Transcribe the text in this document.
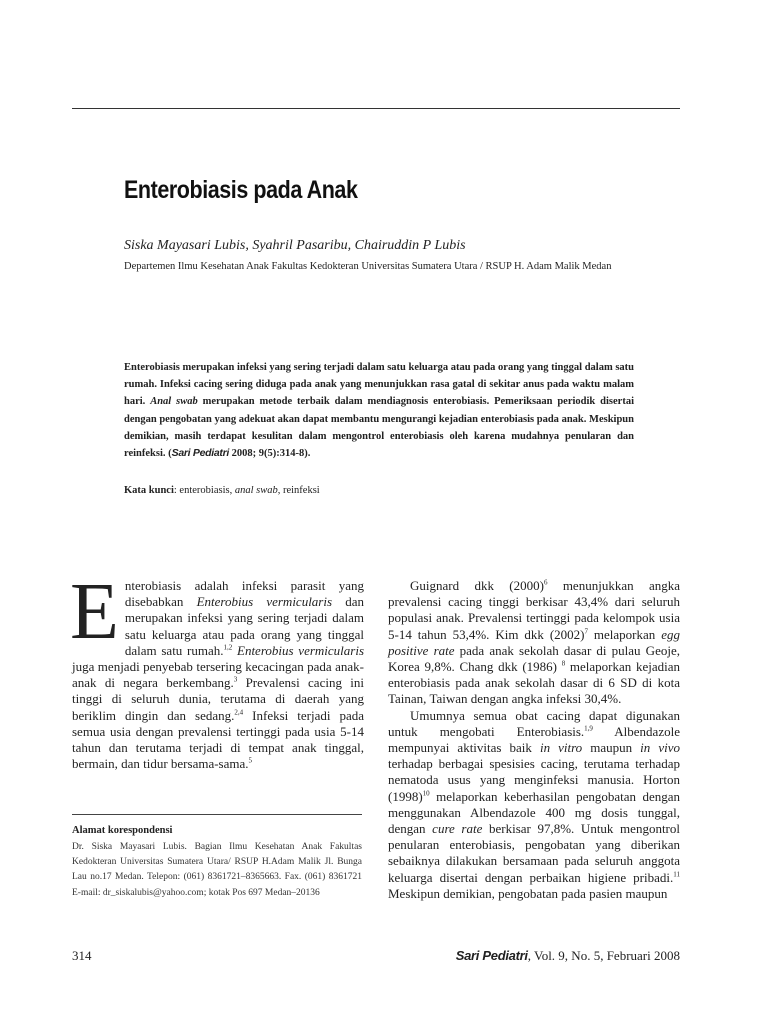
Enterobiasis pada Anak
Siska Mayasari Lubis, Syahril Pasaribu, Chairuddin P Lubis
Departemen Ilmu Kesehatan Anak Fakultas Kedokteran Universitas Sumatera Utara / RSUP H. Adam Malik Medan

Enterobiasis merupakan infeksi yang sering terjadi dalam satu keluarga atau pada orang yang tinggal dalam satu rumah. Infeksi cacing sering diduga pada anak yang menunjukkan rasa gatal di sekitar anus pada waktu malam hari. Anal swab merupakan metode terbaik dalam mendiagnosis enterobiasis. Pemeriksaan periodik disertai dengan pengobatan yang adekuat akan dapat membantu mengurangi kejadian enterobiasis pada anak. Meskipun demikian, masih terdapat kesulitan dalam mengontrol enterobiasis oleh karena mudahnya penularan dan reinfeksi. (Sari Pediatri 2008; 9(5):314-8).

Kata kunci: enterobiasis, anal swab, reinfeksi

Enterobiasis adalah infeksi parasit yang disebabkan Enterobius vermicularis dan merupakan infeksi yang sering terjadi dalam satu keluarga atau pada orang yang tinggal dalam satu rumah.$^{1,2}$ Enterobius vermicularis juga menjadi penyebab tersering kecacingan pada anak-anak di negara berkembang.$^3$ Prevalensi cacing ini tinggi di seluruh dunia, terutama di daerah yang beriklim dingin dan sedang.$^{2,4}$ Infeksi terjadi pada semua usia dengan prevalensi tertinggi pada usia 5-14 tahun dan terutama terjadi di tempat anak tinggal, bermain, dan tidur bersama-sama.$^5$

Guignard dkk $(2000)^6$ menunjukkan angka prevalensi cacing tinggi berkisar 43,4% dari seluruh populasi anak. Prevalensi tertinggi pada kelompok usia 5-14 tahun 53,4%. Kim dkk $(2002)^7$ melaporkan egg positive rate pada anak sekolah dasar di pulau Geoje, Korea 9,8%. Chang dkk (1986) $^8$ melaporkan kejadian enterobiasis pada anak sekolah dasar di 6 SD di kota Tainan, Taiwan dengan angka infeksi 30,4%.

Umumnya semua obat cacing dapat digunakan untuk mengobati Enterobiasis.$^{1,9}$ Albendazole mempunyai aktivitas baik in vitro maupun in vivo terhadap berbagai spesisies cacing, terutama terhadap nematoda usus yang menginfeksi manusia. Horton $(1998)^{10}$ melaporkan keberhasilan pengobatan dengan menggunakan Albendazole 400 mg dosis tunggal, dengan cure rate berkisar 97,8%. Untuk mengontrol penularan enterobiasis, pengobatan yang diberikan sebaiknya dilakukan bersamaan pada seluruh anggota keluarga disertai dengan perbaikan higiene pribadi.$^{11}$ Meskipun demikian, pengobatan pada pasien maupun

Alamat korespondensi

Dr. Siska Mayasari Lubis. Bagian Ilmu Kesehatan Anak Fakultas Kedokteran Universitas Sumatera Utara/ RSUP H.Adam Malik Jl. Bunga Lau no.17 Medan. Telepon: (061) 8361721–8365663. Fax. (061) 8361721 E-mail: dr_siskalubis@yahoo.com; kotak Pos 697 Medan–20136

314	Sari Pediatri, Vol. 9, No. 5, Februari 2008
